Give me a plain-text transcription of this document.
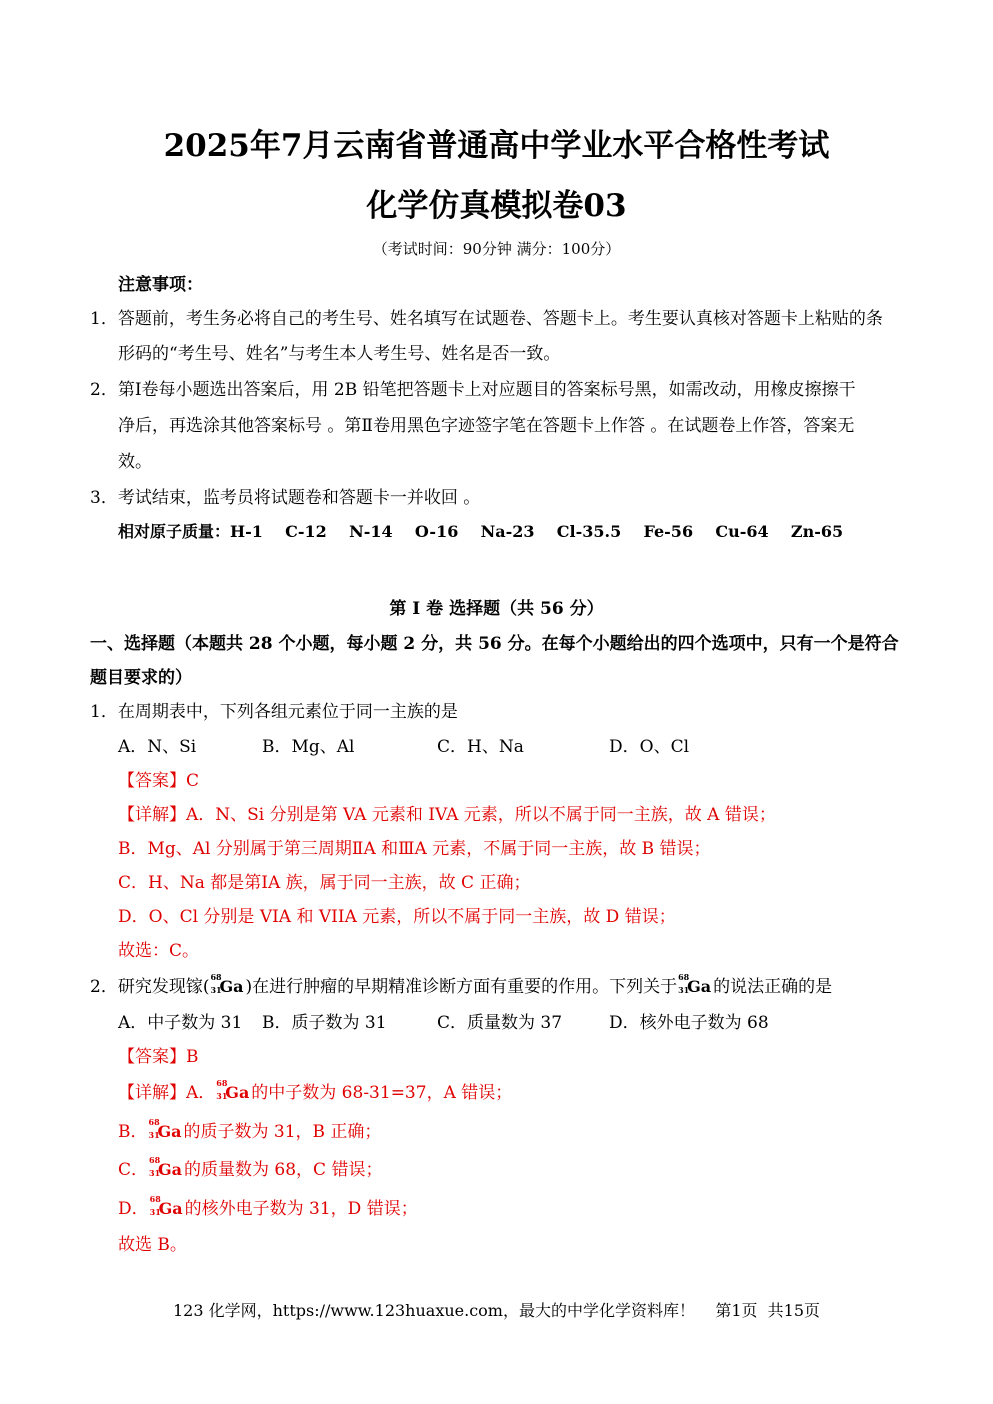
2025年7月云南省普通高中学业水平合格性考试
化学仿真模拟卷03
（考试时间：90分钟 满分：100分）
注意事项：
1．答题前，考生务必将自己的考生号、姓名填写在试题卷、答题卡上。考生要认真核对答题卡上粘贴的条
形码的“考生号、姓名”与考生本人考生号、姓名是否一致。
2．第Ⅰ卷每小题选出答案后，用 2B 铅笔把答题卡上对应题目的答案标号黑，如需改动，用橡皮擦擦干
净后，再选涂其他答案标号 。第Ⅱ卷用黑色字迹签字笔在答题卡上作答 。在试题卷上作答，答案无
效。
3．考试结束，监考员将试题卷和答题卡一并收回 。
相对原子质量：H-1    C-12    N-14    O-16    Na-23    Cl-35.5    Fe-56    Cu-64    Zn-65
第 I 卷 选择题（共 56 分）
一、选择题（本题共 28 个小题，每小题 2 分，共 56 分。在每个小题给出的四个选项中，只有一个是符合
题目要求的）
1．在周期表中，下列各组元素位于同一主族的是
A．N、Si	B．Mg、Al	C．H、Na	D．O、Cl
【答案】C
【详解】A．N、Si 分别是第 VA 元素和 IVA 元素，所以不属于同一主族，故 A 错误；
B．Mg、Al 分别属于第三周期ⅡA 和ⅢA 元素，不属于同一主族，故 B 错误；
C．H、Na 都是第ⅠA 族，属于同一主族，故 C 正确；
D．O、Cl 分别是 VIA 和 VIIA 元素，所以不属于同一主族，故 D 错误；
故选：C。
2．研究发现镓( 68
31
Ga )在进行肿瘤的早期精准诊断方面有重要的作用。下列关于 68
31
Ga 的说法正确的是
A．中子数为 31 B．质子数为 31	C．质量数为 37	D．核外电子数为 68
【答案】B
【详解】A． 68
31
Ga 的中子数为 68-31=37，A 错误；
B． 68
31
Ga 的质子数为 31，B 正确；
C． 68
31
Ga 的质量数为 68，C 错误；
D． 68
31
Ga 的核外电子数为 31，D 错误；
故选 B。
123 化学网，https://www.123huaxue.com，最大的中学化学资料库！    第1页  共15页
